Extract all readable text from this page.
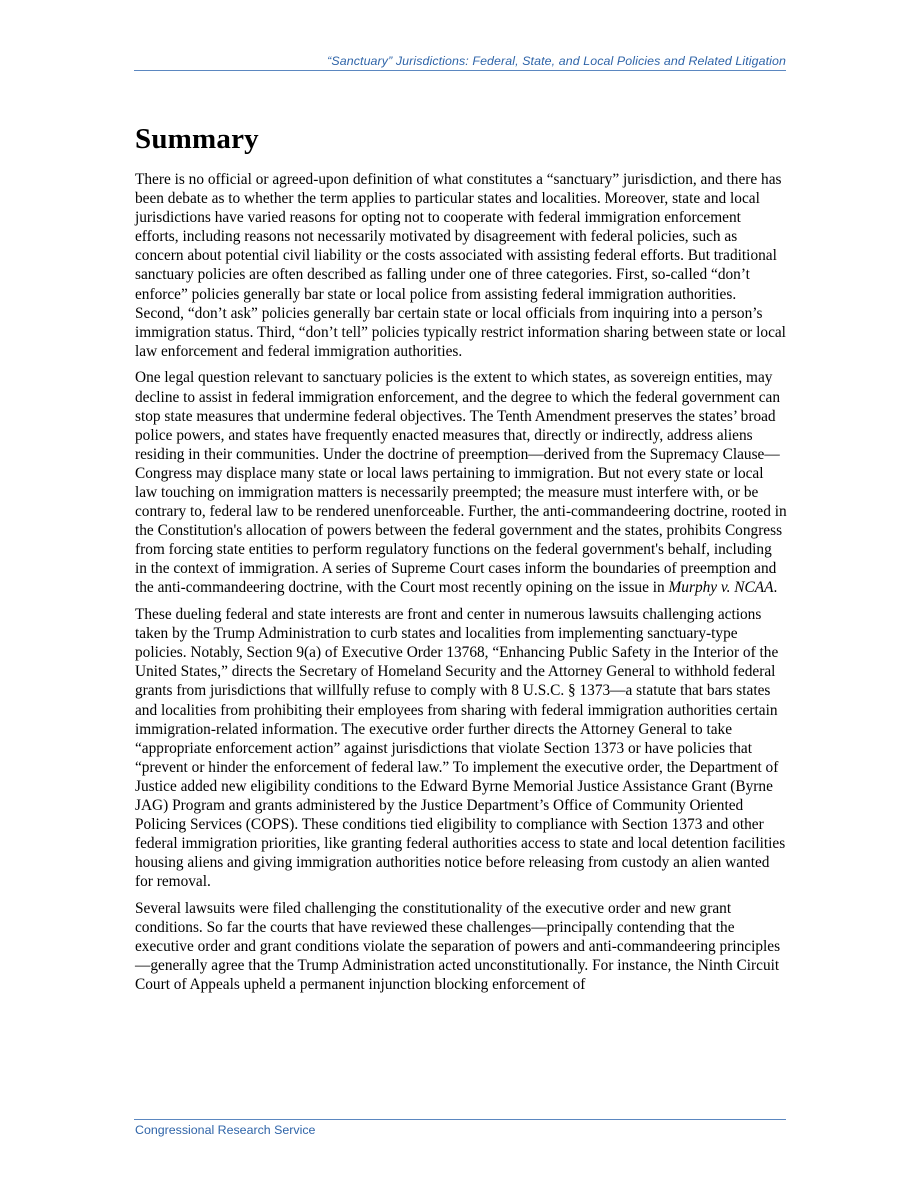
“Sanctuary” Jurisdictions: Federal, State, and Local Policies and Related Litigation
Summary

There is no official or agreed-upon definition of what constitutes a “sanctuary” jurisdiction, and there has been debate as to whether the term applies to particular states and localities. Moreover, state and local jurisdictions have varied reasons for opting not to cooperate with federal immigration enforcement efforts, including reasons not necessarily motivated by disagreement with federal policies, such as concern about potential civil liability or the costs associated with assisting federal efforts. But traditional sanctuary policies are often described as falling under one of three categories. First, so-called “don’t enforce” policies generally bar state or local police from assisting federal immigration authorities. Second, “don’t ask” policies generally bar certain state or local officials from inquiring into a person’s immigration status. Third, “don’t tell” policies typically restrict information sharing between state or local law enforcement and federal immigration authorities.

One legal question relevant to sanctuary policies is the extent to which states, as sovereign entities, may decline to assist in federal immigration enforcement, and the degree to which the federal government can stop state measures that undermine federal objectives. The Tenth Amendment preserves the states’ broad police powers, and states have frequently enacted measures that, directly or indirectly, address aliens residing in their communities. Under the doctrine of preemption—derived from the Supremacy Clause—Congress may displace many state or local laws pertaining to immigration. But not every state or local law touching on immigration matters is necessarily preempted; the measure must interfere with, or be contrary to, federal law to be rendered unenforceable. Further, the anti-commandeering doctrine, rooted in the Constitution's allocation of powers between the federal government and the states, prohibits Congress from forcing state entities to perform regulatory functions on the federal government's behalf, including in the context of immigration. A series of Supreme Court cases inform the boundaries of preemption and the anti-commandeering doctrine, with the Court most recently opining on the issue in Murphy v. NCAA.

These dueling federal and state interests are front and center in numerous lawsuits challenging actions taken by the Trump Administration to curb states and localities from implementing sanctuary-type policies. Notably, Section 9(a) of Executive Order 13768, “Enhancing Public Safety in the Interior of the United States,” directs the Secretary of Homeland Security and the Attorney General to withhold federal grants from jurisdictions that willfully refuse to comply with 8 U.S.C. § 1373—a statute that bars states and localities from prohibiting their employees from sharing with federal immigration authorities certain immigration-related information. The executive order further directs the Attorney General to take “appropriate enforcement action” against jurisdictions that violate Section 1373 or have policies that “prevent or hinder the enforcement of federal law.” To implement the executive order, the Department of Justice added new eligibility conditions to the Edward Byrne Memorial Justice Assistance Grant (Byrne JAG) Program and grants administered by the Justice Department’s Office of Community Oriented Policing Services (COPS). These conditions tied eligibility to compliance with Section 1373 and other federal immigration priorities, like granting federal authorities access to state and local detention facilities housing aliens and giving immigration authorities notice before releasing from custody an alien wanted for removal.

Several lawsuits were filed challenging the constitutionality of the executive order and new grant conditions. So far the courts that have reviewed these challenges—principally contending that the executive order and grant conditions violate the separation of powers and anti-commandeering principles—generally agree that the Trump Administration acted unconstitutionally. For instance, the Ninth Circuit Court of Appeals upheld a permanent injunction blocking enforcement of

Congressional Research Service
